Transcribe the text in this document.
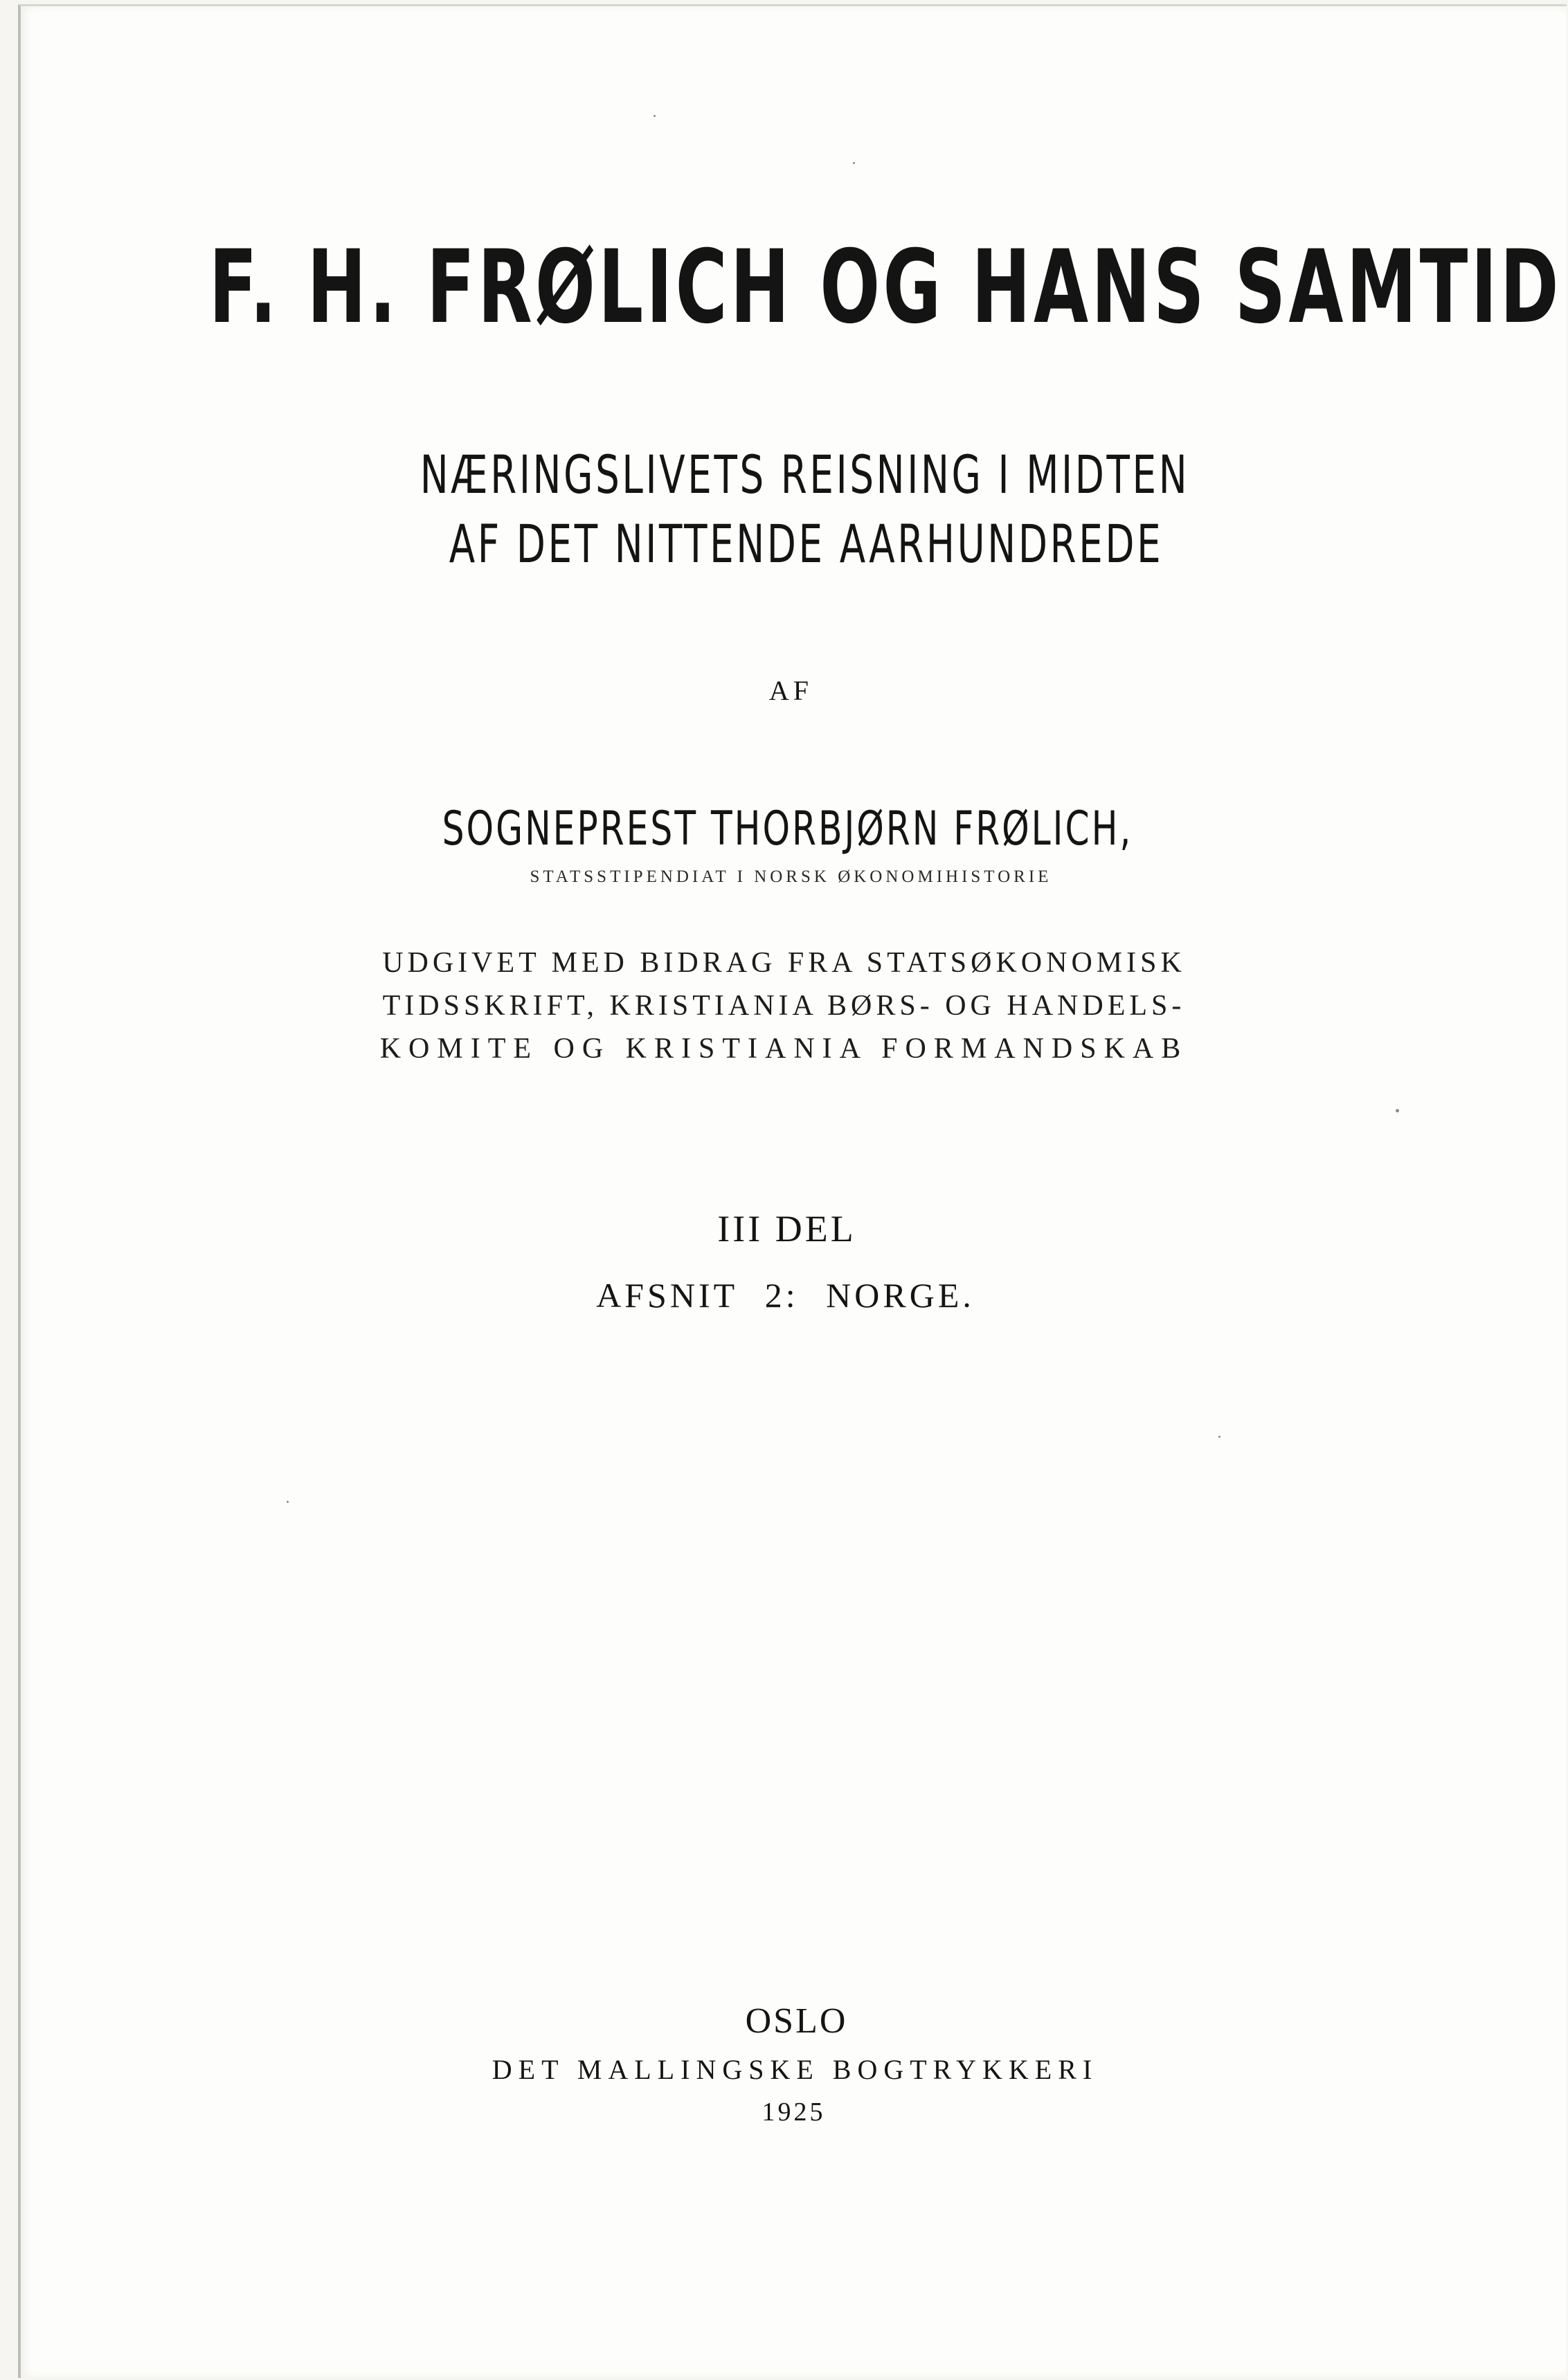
F. H. FRØLICH OG HANS SAMTID

NÆRINGSLIVETS REISNING I MIDTEN

AF DET NITTENDE AARHUNDREDE

AF

SOGNEPREST THORBJØRN FRØLICH,

STATSSTIPENDIAT I NORSK ØKONOMIHISTORIE

UDGIVET MED BIDRAG FRA STATSØKONOMISK

TIDSSKRIFT, KRISTIANIA BØRS- OG HANDELS-

KOMITE OG KRISTIANIA FORMANDSKAB

III DEL

AFSNIT 2: NORGE.

OSLO

DET MALLINGSKE BOGTRYKKERI

1925
